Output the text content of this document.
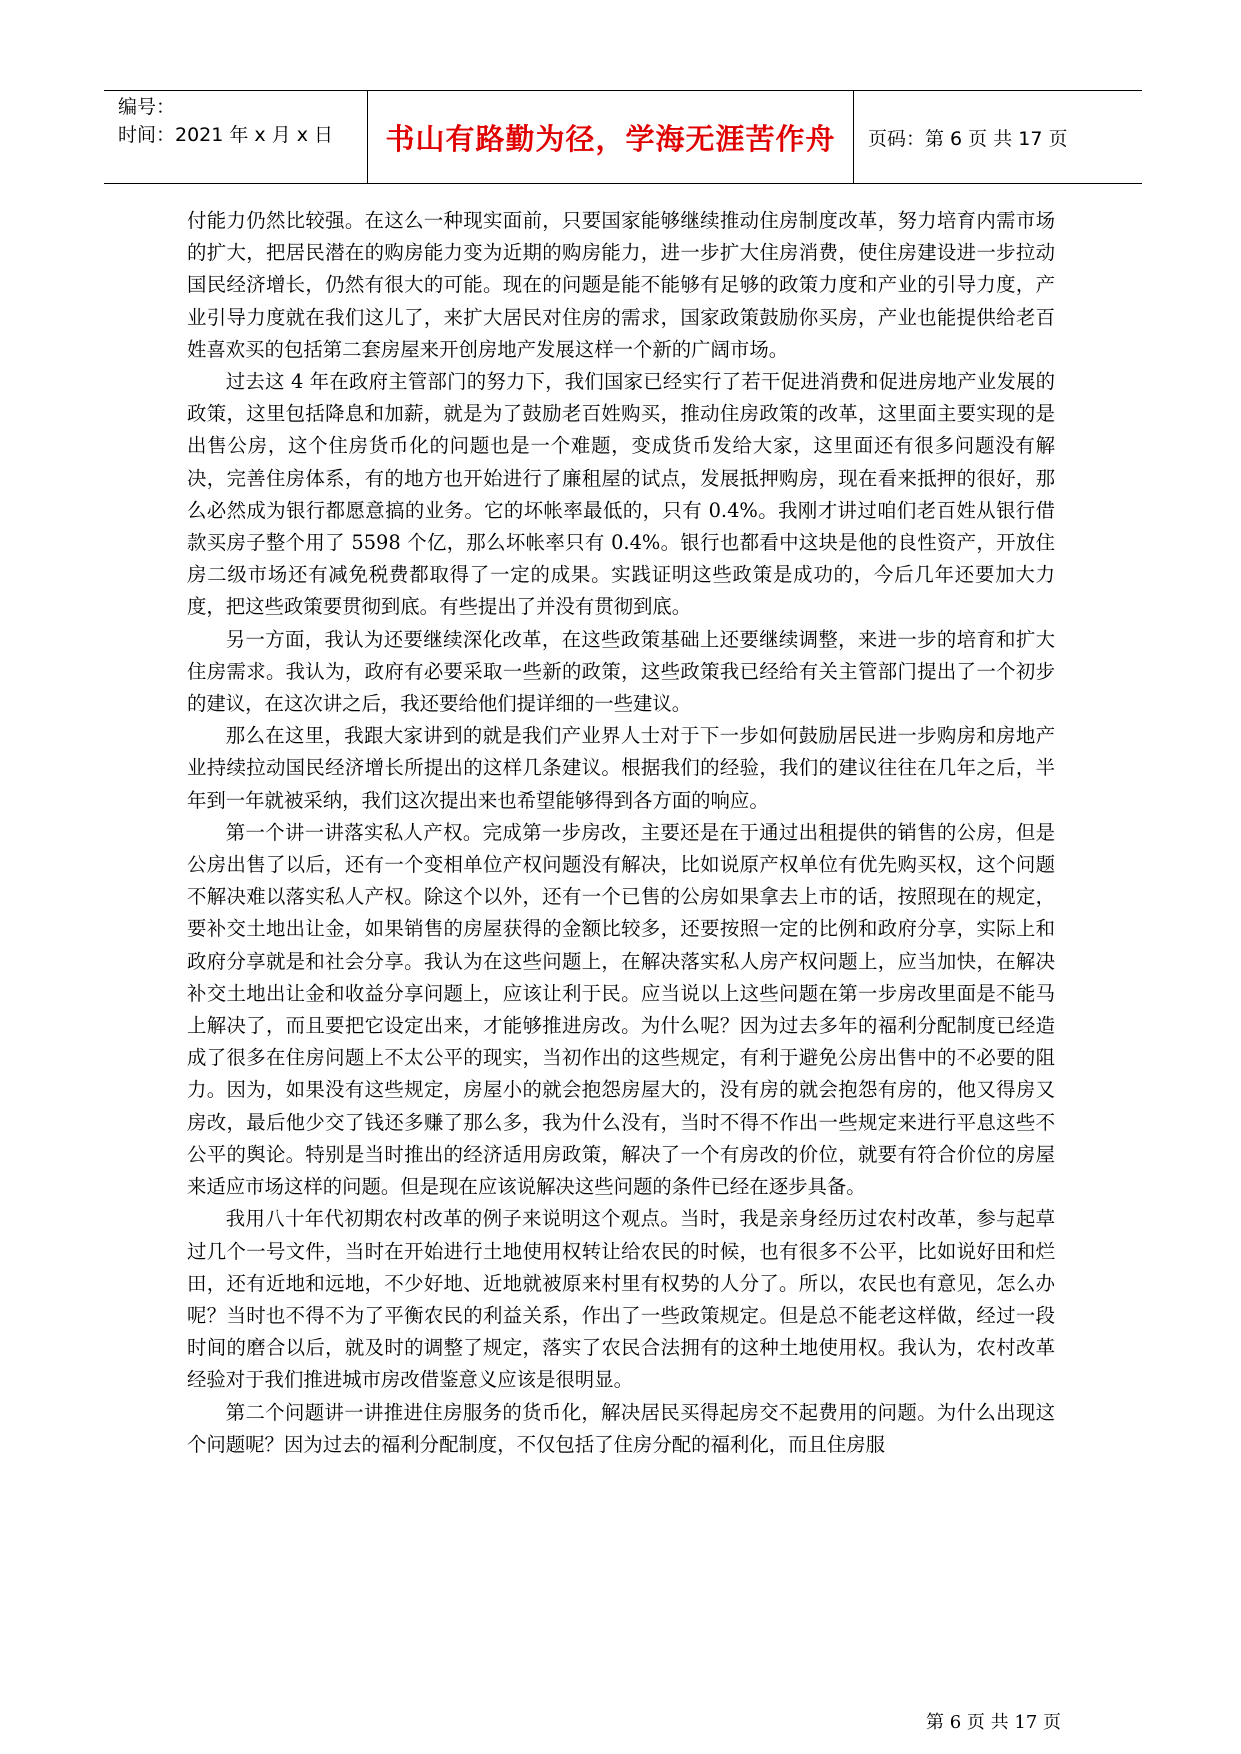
编号：
时间：2021 年 x 月 x 日 书山有路勤为径，学海无涯苦作舟 页码：第 6 页 共 17 页

付能力仍然比较强。在这么一种现实面前，只要国家能够继续推动住房制度改革，努力培育内需市场的扩大，把居民潜在的购房能力变为近期的购房能力，进一步扩大住房消费，使住房建设进一步拉动国民经济增长，仍然有很大的可能。现在的问题是能不能够有足够的政策力度和产业的引导力度，产业引导力度就在我们这儿了，来扩大居民对住房的需求，国家政策鼓励你买房，产业也能提供给老百姓喜欢买的包括第二套房屋来开创房地产发展这样一个新的广阔市场。

过去这 4 年在政府主管部门的努力下，我们国家已经实行了若干促进消费和促进房地产业发展的政策，这里包括降息和加薪，就是为了鼓励老百姓购买，推动住房政策的改革，这里面主要实现的是出售公房，这个住房货币化的问题也是一个难题，变成货币发给大家，这里面还有很多问题没有解决，完善住房体系，有的地方也开始进行了廉租屋的试点，发展抵押购房，现在看来抵押的很好，那么必然成为银行都愿意搞的业务。它的坏帐率最低的，只有 0.4%。我刚才讲过咱们老百姓从银行借款买房子整个用了 5598 个亿，那么坏帐率只有 0.4%。银行也都看中这块是他的良性资产，开放住房二级市场还有减免税费都取得了一定的成果。实践证明这些政策是成功的，今后几年还要加大力度，把这些政策要贯彻到底。有些提出了并没有贯彻到底。

另一方面，我认为还要继续深化改革，在这些政策基础上还要继续调整，来进一步的培育和扩大住房需求。我认为，政府有必要采取一些新的政策，这些政策我已经给有关主管部门提出了一个初步的建议，在这次讲之后，我还要给他们提详细的一些建议。

那么在这里，我跟大家讲到的就是我们产业界人士对于下一步如何鼓励居民进一步购房和房地产业持续拉动国民经济增长所提出的这样几条建议。根据我们的经验，我们的建议往往在几年之后，半年到一年就被采纳，我们这次提出来也希望能够得到各方面的响应。

第一个讲一讲落实私人产权。完成第一步房改，主要还是在于通过出租提供的销售的公房，但是公房出售了以后，还有一个变相单位产权问题没有解决，比如说原产权单位有优先购买权，这个问题不解决难以落实私人产权。除这个以外，还有一个已售的公房如果拿去上市的话，按照现在的规定，要补交土地出让金，如果销售的房屋获得的金额比较多，还要按照一定的比例和政府分享，实际上和政府分享就是和社会分享。我认为在这些问题上，在解决落实私人房产权问题上，应当加快，在解决补交土地出让金和收益分享问题上，应该让利于民。应当说以上这些问题在第一步房改里面是不能马上解决了，而且要把它设定出来，才能够推进房改。为什么呢？因为过去多年的福利分配制度已经造成了很多在住房问题上不太公平的现实，当初作出的这些规定，有利于避免公房出售中的不必要的阻力。因为，如果没有这些规定，房屋小的就会抱怨房屋大的，没有房的就会抱怨有房的，他又得房又房改，最后他少交了钱还多赚了那么多，我为什么没有，当时不得不作出一些规定来进行平息这些不公平的舆论。特别是当时推出的经济适用房政策，解决了一个有房改的价位，就要有符合价位的房屋来适应市场这样的问题。但是现在应该说解决这些问题的条件已经在逐步具备。

我用八十年代初期农村改革的例子来说明这个观点。当时，我是亲身经历过农村改革，参与起草过几个一号文件，当时在开始进行土地使用权转让给农民的时候，也有很多不公平，比如说好田和烂田，还有近地和远地，不少好地、近地就被原来村里有权势的人分了。所以，农民也有意见，怎么办呢？当时也不得不为了平衡农民的利益关系，作出了一些政策规定。但是总不能老这样做，经过一段时间的磨合以后，就及时的调整了规定，落实了农民合法拥有的这种土地使用权。我认为，农村改革经验对于我们推进城市房改借鉴意义应该是很明显。

第二个问题讲一讲推进住房服务的货币化，解决居民买得起房交不起费用的问题。为什么出现这个问题呢？因为过去的福利分配制度，不仅包括了住房分配的福利化，而且住房服

第 6 页 共 17 页
